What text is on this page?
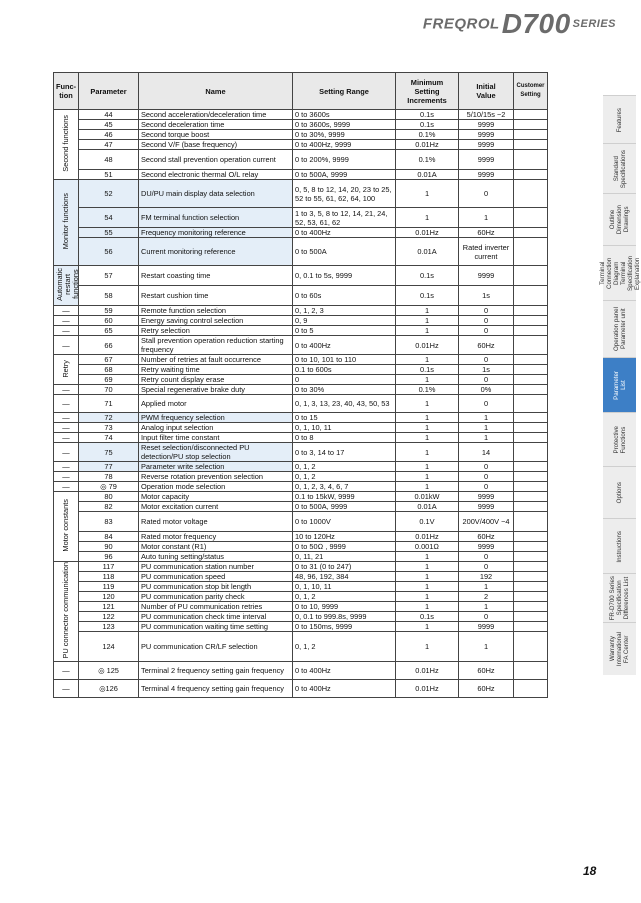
FREQROLD700 SERIES
Func-
tion	Parameter	Name	Setting Range	Minimum
Setting
Increments	Initial
Value	Customer
Setting
Second functions	44	Second acceleration/deceleration time	0 to 3600s	0.1s	5/10/15s −2	
	45	Second deceleration time	0 to 3600s, 9999	0.1s	9999	
	46	Second torque boost	0 to 30%, 9999	0.1%	9999	
	47	Second V/F (base frequency)	0 to 400Hz, 9999	0.01Hz	9999	
	48	Second stall prevention operation current	0 to 200%, 9999	0.1%	9999	
	51	Second electronic thermal O/L relay	0 to 500A, 9999	0.01A	9999	
Monitor functions	52	DU/PU main display data selection	0, 5, 8 to 12, 14, 20, 23 to 25, 52 to 55, 61, 62, 64, 100	1	0	
	54	FM terminal function selection	1 to 3, 5, 8 to 12, 14, 21, 24, 52, 53, 61, 62	1	1	
	55	Frequency monitoring reference	0 to 400Hz	0.01Hz	60Hz	
	56	Current monitoring reference	0 to 500A	0.01A	Rated inverter current	
Automatic
restart
functions	57	Restart coasting time	0, 0.1 to 5s, 9999	0.1s	9999	
	58	Restart cushion time	0 to 60s	0.1s	1s	
—	59	Remote function selection	0, 1, 2, 3	1	0	
—	60	Energy saving control selection	0, 9	1	0	
—	65	Retry selection	0 to 5	1	0	
—	66	Stall prevention operation reduction starting frequency	0 to 400Hz	0.01Hz	60Hz	
Retry	67	Number of retries at fault occurrence	0 to 10, 101 to 110	1	0	
	68	Retry waiting time	0.1 to 600s	0.1s	1s	
	69	Retry count display erase	0	1	0	
—	70	Special regenerative brake duty	0 to 30%	0.1%	0%	
—	71	Applied motor	0, 1, 3, 13, 23, 40, 43, 50, 53	1	0	
—	72	PWM frequency selection	0 to 15	1	1	
—	73	Analog input selection	0, 1, 10, 11	1	1	
—	74	Input filter time constant	0 to 8	1	1	
—	75	Reset selection/disconnected PU detection/PU stop selection	0 to 3, 14 to 17	1	14	
—	77	Parameter write selection	0, 1, 2	1	0	
—	78	Reverse rotation prevention selection	0, 1, 2	1	0	
—	◎ 79	Operation mode selection	0, 1, 2, 3, 4, 6, 7	1	0	
Motor constants	80	Motor capacity	0.1 to 15kW, 9999	0.01kW	9999	
	82	Motor excitation current	0 to 500A, 9999	0.01A	9999	
	83	Rated motor voltage	0 to 1000V	0.1V	200V/400V −4	
	84	Rated motor frequency	10 to 120Hz	0.01Hz	60Hz	
	90	Motor constant (R1)	0 to 50Ω , 9999	0.001Ω	9999	
	96	Auto tuning setting/status	0, 11, 21	1	0	
PU connector communication	117	PU communication station number	0 to 31 (0 to 247)	1	0	
	118	PU communication speed	48, 96, 192, 384	1	192	
	119	PU communication stop bit length	0, 1, 10, 11	1	1	
	120	PU communication parity check	0, 1, 2	1	2	
	121	Number of PU communication retries	0 to 10, 9999	1	1	
	122	PU communication check time interval	0, 0.1 to 999.8s, 9999	0.1s	0	
	123	PU communication waiting time setting	0 to 150ms, 9999	1	9999	
	124	PU communication CR/LF selection	0, 1, 2	1	1	
—	◎ 125	Terminal 2 frequency setting gain frequency	0 to 400Hz	0.01Hz	60Hz	
—	◎126	Terminal 4 frequency setting gain frequency	0 to 400Hz	0.01Hz	60Hz	
Features
Standard
Specifications
Outline
Dimension
Drawings
Terminal Connection
Diagram
Terminal Specification
Explanation
Operation panel
Parameter unit
Parameter
List
Protective
Functions
Options
Instructions
FR-D700 Series
Specification
Differences List
Warranty
International
FA Center
18
